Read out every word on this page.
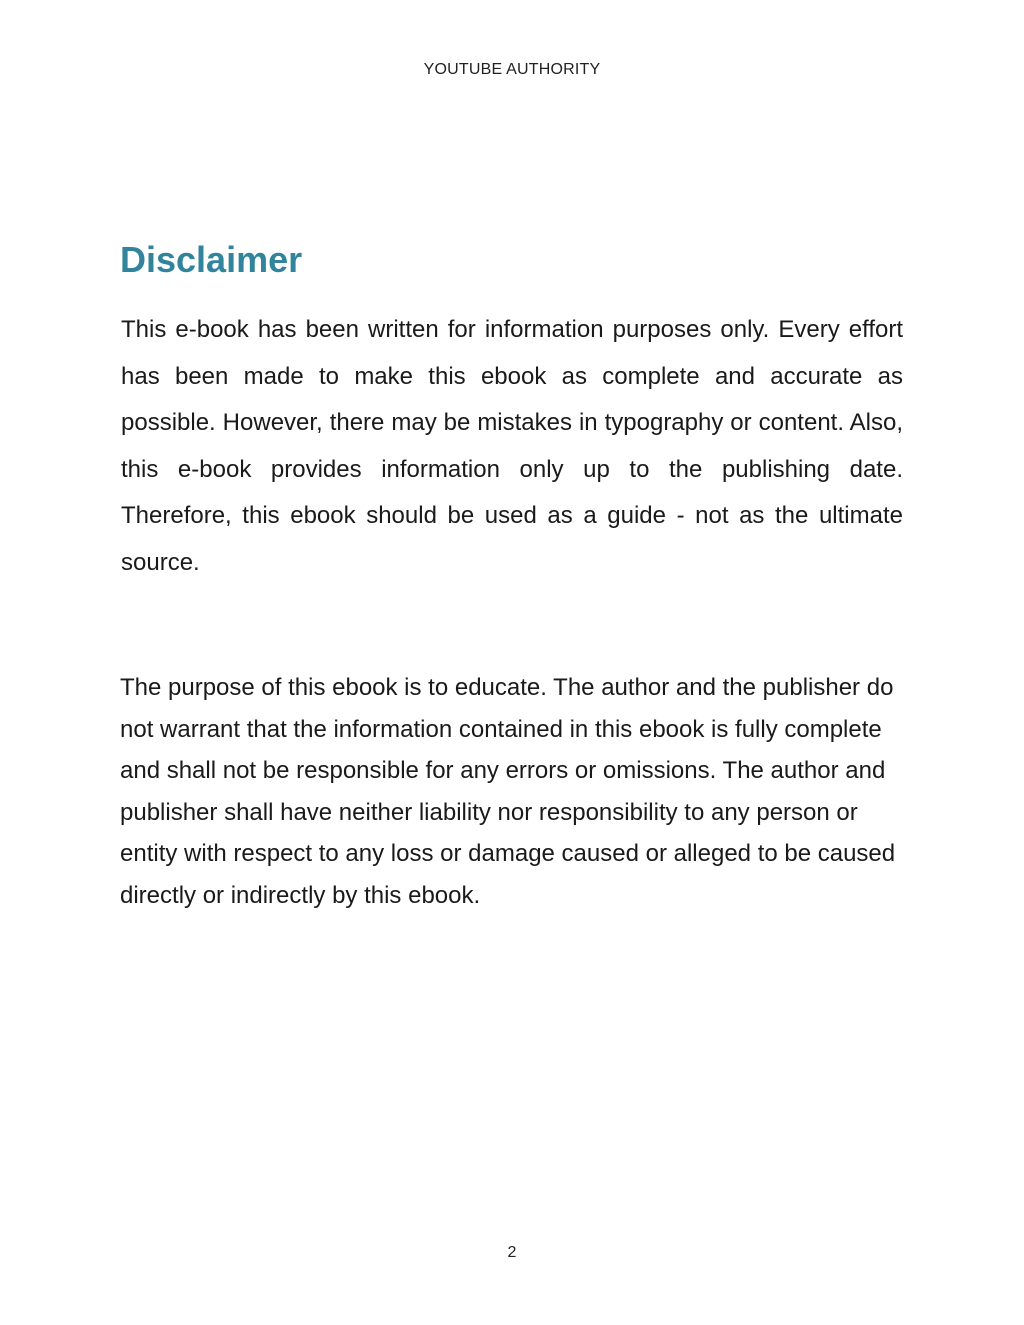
YOUTUBE AUTHORITY
Disclaimer

This e-book has been written for information purposes only. Every effort has been made to make this ebook as complete and accurate as possible. However, there may be mistakes in typography or content. Also, this e-book provides information only up to the publishing date. Therefore, this ebook should be used as a guide - not as the ultimate source.

The purpose of this ebook is to educate. The author and the publisher do not warrant that the information contained in this ebook is fully complete and shall not be responsible for any errors or omissions. The author and publisher shall have neither liability nor responsibility to any person or entity with respect to any loss or damage caused or alleged to be caused directly or indirectly by this ebook.

2
